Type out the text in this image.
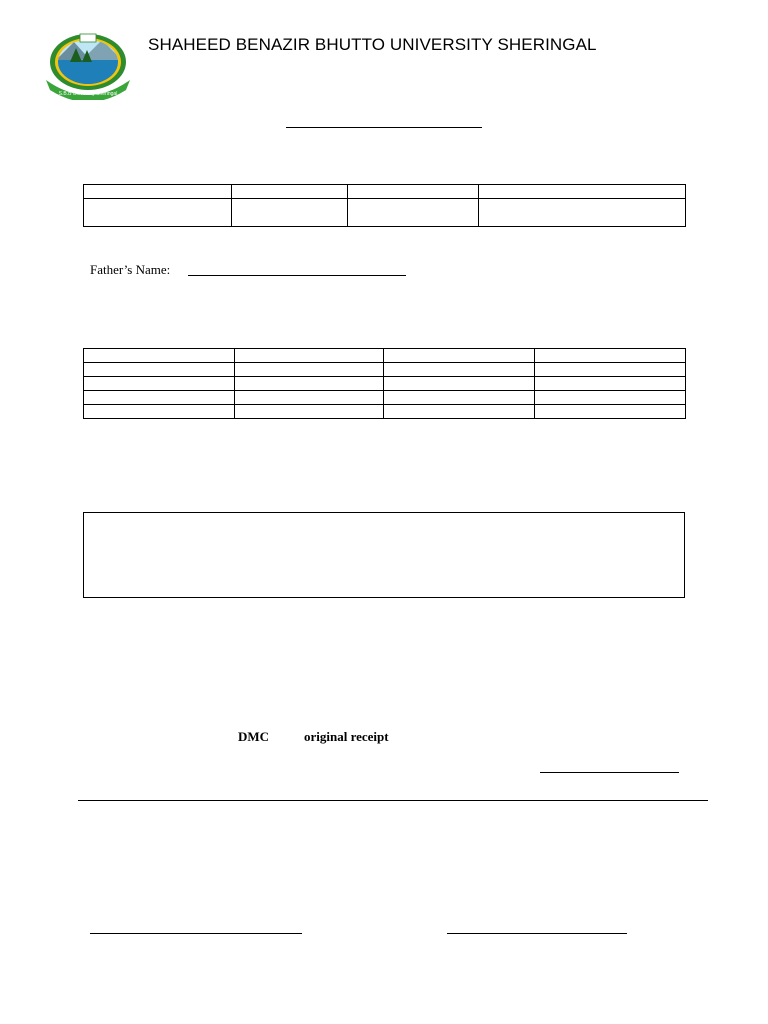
S.B.B University Sheringal
SHAHEED BENAZIR BHUTTO UNIVERSITY SHERINGAL

Father’s Name:

DMC	original receipt
